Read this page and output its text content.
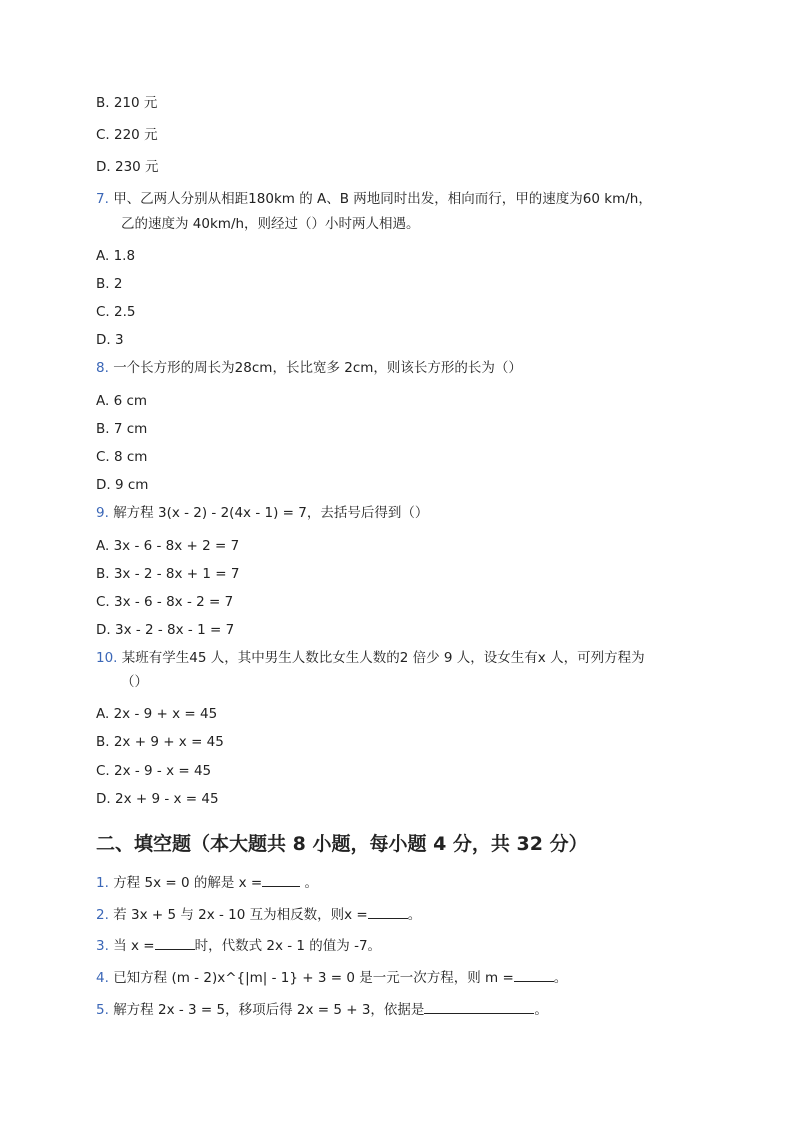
B. 210 元

C. 220 元

D. 230 元

7. 甲、乙两人分别从相距180km 的 A、B 两地同时出发，相向而行，甲的速度为60 km/h，

乙的速度为 40km/h，则经过（）小时两人相遇。

A. 1.8

B. 2

C. 2.5

D. 3

8. 一个长方形的周长为28cm，长比宽多 2cm，则该长方形的长为（）

A. 6 cm

B. 7 cm

C. 8 cm

D. 9 cm

9. 解方程 3(x - 2) - 2(4x - 1) = 7，去括号后得到（）

A. 3x - 6 - 8x + 2 = 7

B. 3x - 2 - 8x + 1 = 7

C. 3x - 6 - 8x - 2 = 7

D. 3x - 2 - 8x - 1 = 7

10. 某班有学生45 人，其中男生人数比女生人数的2 倍少 9 人，设女生有x 人，可列方程为

（）

A. 2x - 9 + x = 45

B. 2x + 9 + x = 45

C. 2x - 9 - x = 45

D. 2x + 9 - x = 45

二、填空题（本大题共 8 小题，每小题 4 分，共 32 分）

1. 方程 5x = 0 的解是 x =	。

2. 若 3x + 5 与 2x - 10 互为相反数，则x =	。

3. 当 x =	时，代数式 2x - 1 的值为 -7。

4. 已知方程 (m - 2)x^{|m| - 1} + 3 = 0 是一元一次方程，则 m =	。

5. 解方程 2x - 3 = 5，移项后得 2x = 5 + 3，依据是	。
